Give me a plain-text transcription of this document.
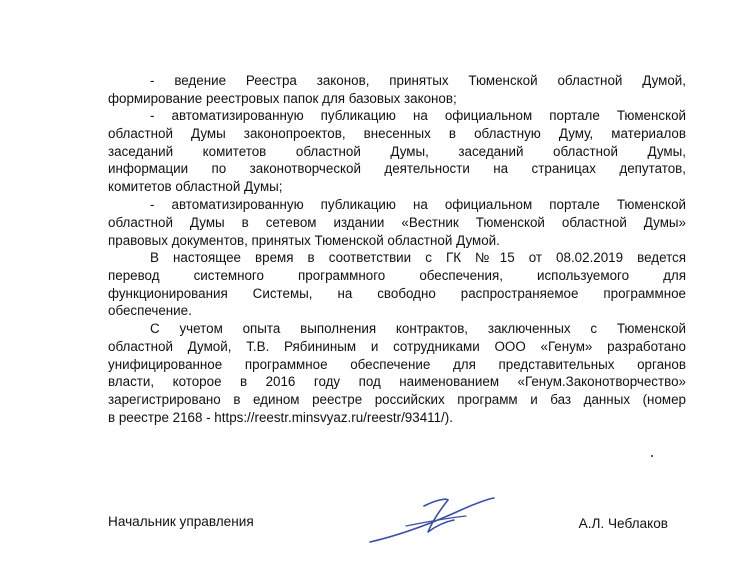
- ведение Реестра законов, принятых Тюменской областной Думой,
формирование реестровых папок для базовых законов;
- автоматизированную публикацию на официальном портале Тюменской
областной Думы законопроектов, внесенных в областную Думу, материалов
заседаний комитетов областной Думы, заседаний областной Думы,
информации по законотворческой деятельности на страницах депутатов,
комитетов областной Думы;
- автоматизированную публикацию на официальном портале Тюменской
областной Думы в сетевом издании «Вестник Тюменской областной Думы»
правовых документов, принятых Тюменской областной Думой.
В настоящее время в соответствии с ГК №15 от 08.02.2019 ведется
перевод системного программного обеспечения, используемого для
функционирования Системы, на свободно распространяемое программное
обеспечение.
С учетом опыта выполнения контрактов, заключенных с Тюменской
областной Думой, Т.В. Рябининым и сотрудниками ООО «Генум» разработано
унифицированное программное обеспечение для представительных органов
власти, которое в 2016 году под наименованием «Генум.Законотворчество»
зарегистрировано в едином реестре российских программ и баз данных (номер
в реестре 2168 - https://reestr.minsvyaz.ru/reestr/93411/).
Начальник управления	А.Л. Чеблаков
